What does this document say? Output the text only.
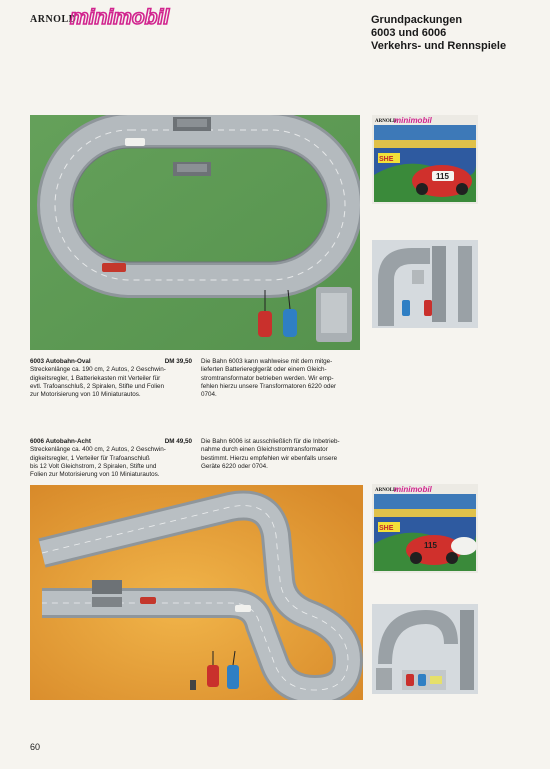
ARNOLD
minimobil	Grundpackungen
6003 und 6006
Verkehrs- und Rennspiele
SHE
115
ARNOLD
minimobil
6003 Autobahn-Oval	DM 39,50
Streckenlänge ca. 190 cm, 2 Autos, 2 Geschwin-
digkeitsregler, 1 Batteriekasten mit Verteiler für
evtl. Trafoanschluß, 2 Spiralen, Stifte und Folien
zur Motorisierung von 10 Miniaturautos.
Die Bahn 6003 kann wahlweise mit dem mitge-
lieferten Batteriereglgerät oder einem Gleich-
stromtransformator betrieben werden. Wir emp-
fehlen hierzu unsere Transformatoren 6220 oder
0704.
6006 Autobahn-Acht	DM 49,50
Streckenlänge ca. 400 cm, 2 Autos, 2 Geschwin-
digkeitsregler, 1 Verteiler für Trafoanschluß
bis 12 Volt Gleichstrom, 2 Spiralen, Stifte und
Folien zur Motorisierung von 10 Miniaturautos.
Die Bahn 6006 ist ausschließlich für die Inbetrieb-
nahme durch einen Gleichstromtransformator
bestimmt. Hierzu empfehlen wir ebenfalls unsere
Geräte 6220 oder 0704.
SHE
115
ARNOLD
minimobil
60
